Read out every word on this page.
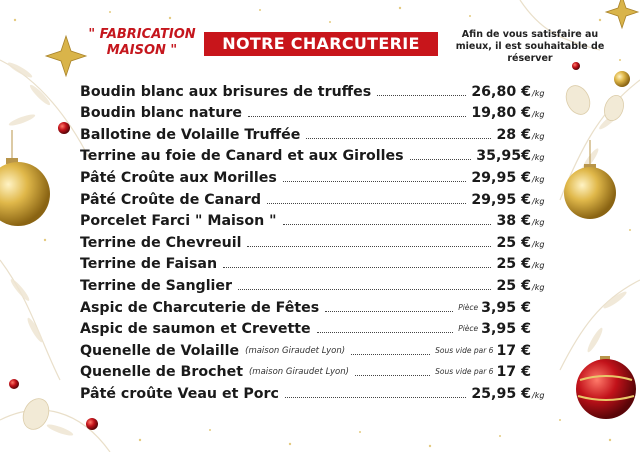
" FABRICATION MAISON "	NOTRE CHARCUTERIE	Afin de vous satisfaire au mieux, il est souhaitable de réserver
Boudin blanc aux brisures de truffes	26,80 € /kg
Boudin blanc nature	19,80 € /kg
Ballotine de Volaille Truffée	28 € /kg
Terrine au foie de Canard et aux Girolles	35,95€ /kg
Pâté Croûte aux Morilles	29,95 € /kg
Pâté Croûte de Canard	29,95 € /kg
Porcelet Farci " Maison "	38 € /kg
Terrine de Chevreuil	25 € /kg
Terrine de Faisan	25 € /kg
Terrine de Sanglier	25 € /kg
Aspic de Charcuterie de Fêtes	Pièce 3,95 €
Aspic de saumon et Crevette	Pièce 3,95 €
Quenelle de Volaille (maison Giraudet Lyon)	Sous vide par 6 17 €
Quenelle de Brochet (maison Giraudet Lyon)	Sous vide par 6 17 €
Pâté croûte Veau et Porc	25,95 € /kg
